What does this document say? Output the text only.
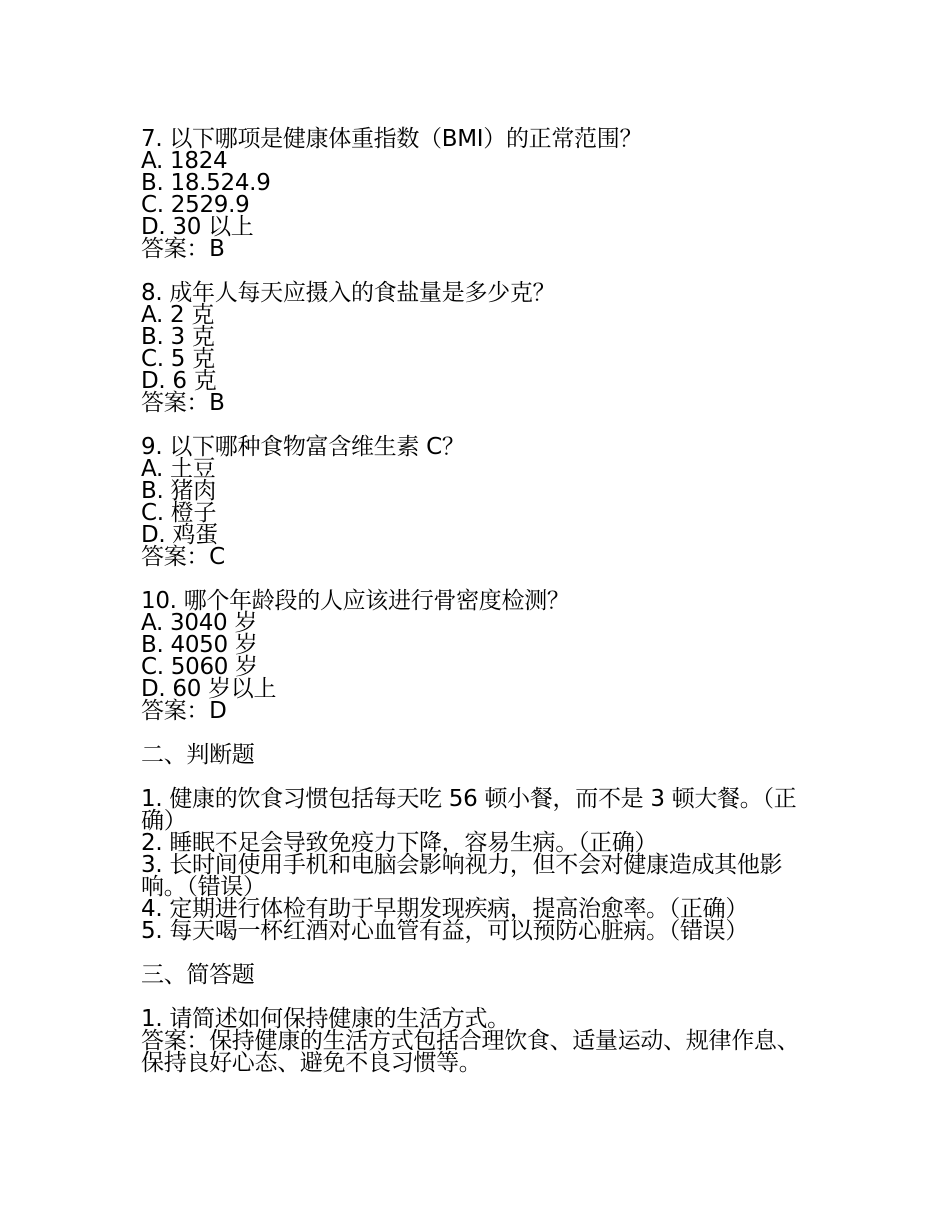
7. 以下哪项是健康体重指数（BMI）的正常范围？
A. 1824
B. 18.524.9
C. 2529.9
D. 30 以上
答案：B
8. 成年人每天应摄入的食盐量是多少克？
A. 2 克
B. 3 克
C. 5 克
D. 6 克
答案：B
9. 以下哪种食物富含维生素 C？
A. 土豆
B. 猪肉
C. 橙子
D. 鸡蛋
答案：C
10. 哪个年龄段的人应该进行骨密度检测？
A. 3040 岁
B. 4050 岁
C. 5060 岁
D. 60 岁以上
答案：D
二、判断题
1. 健康的饮食习惯包括每天吃 56 顿小餐，而不是 3 顿大餐。（正确）
2. 睡眠不足会导致免疫力下降，容易生病。（正确）
3. 长时间使用手机和电脑会影响视力，但不会对健康造成其他影响。（错误）
4. 定期进行体检有助于早期发现疾病，提高治愈率。（正确）
5. 每天喝一杯红酒对心血管有益，可以预防心脏病。（错误）
三、简答题
1. 请简述如何保持健康的生活方式。
答案：保持健康的生活方式包括合理饮食、适量运动、规律作息、保持良好心态、避免不良习惯等。
